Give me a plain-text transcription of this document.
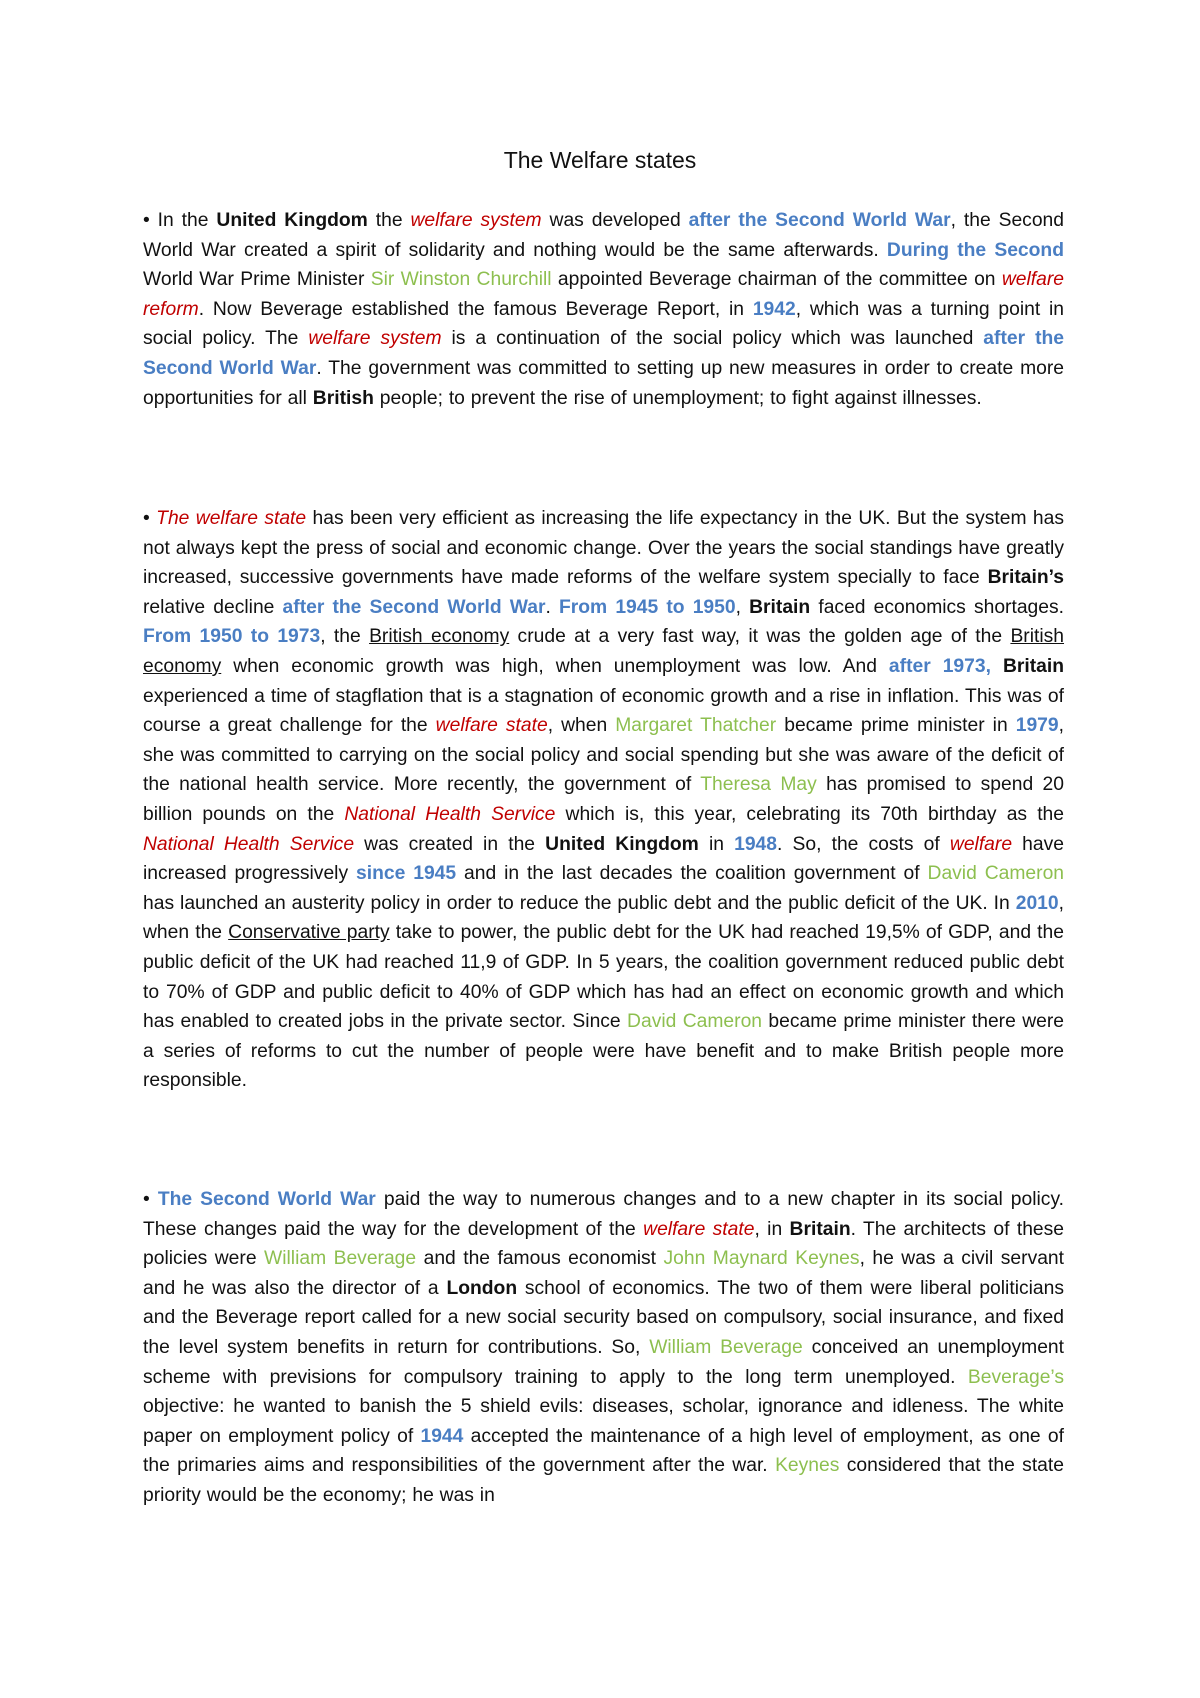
The Welfare states
• In the United Kingdom the welfare system was developed after the Second World War, the Second World War created a spirit of solidarity and nothing would be the same afterwards. During the Second World War Prime Minister Sir Winston Churchill appointed Beverage chairman of the committee on welfare reform. Now Beverage established the famous Beverage Report, in 1942, which was a turning point in social policy. The welfare system is a continuation of the social policy which was launched after the Second World War. The government was committed to setting up new measures in order to create more opportunities for all British people; to prevent the rise of unemployment; to fight against illnesses.
• The welfare state has been very efficient as increasing the life expectancy in the UK. But the system has not always kept the press of social and economic change. Over the years the social standings have greatly increased, successive governments have made reforms of the welfare system specially to face Britain’s relative decline after the Second World War. From 1945 to 1950, Britain faced economics shortages. From 1950 to 1973, the British economy crude at a very fast way, it was the golden age of the British economy when economic growth was high, when unemployment was low. And after 1973, Britain experienced a time of stagflation that is a stagnation of economic growth and a rise in inflation. This was of course a great challenge for the welfare state, when Margaret Thatcher became prime minister in 1979, she was committed to carrying on the social policy and social spending but she was aware of the deficit of the national health service. More recently, the government of Theresa May has promised to spend 20 billion pounds on the National Health Service which is, this year, celebrating its 70th birthday as the National Health Service was created in the United Kingdom in 1948. So, the costs of welfare have increased progressively since 1945 and in the last decades the coalition government of David Cameron has launched an austerity policy in order to reduce the public debt and the public deficit of the UK. In 2010, when the Conservative party take to power, the public debt for the UK had reached 19,5% of GDP, and the public deficit of the UK had reached 11,9 of GDP. In 5 years, the coalition government reduced public debt to 70% of GDP and public deficit to 40% of GDP which has had an effect on economic growth and which has enabled to created jobs in the private sector. Since David Cameron became prime minister there were a series of reforms to cut the number of people were have benefit and to make British people more responsible.
• The Second World War paid the way to numerous changes and to a new chapter in its social policy. These changes paid the way for the development of the welfare state, in Britain. The architects of these policies were William Beverage and the famous economist John Maynard Keynes, he was a civil servant and he was also the director of a London school of economics. The two of them were liberal politicians and the Beverage report called for a new social security based on compulsory, social insurance, and fixed the level system benefits in return for contributions. So, William Beverage conceived an unemployment scheme with previsions for compulsory training to apply to the long term unemployed. Beverage’s objective: he wanted to banish the 5 shield evils: diseases, scholar, ignorance and idleness. The white paper on employment policy of 1944 accepted the maintenance of a high level of employment, as one of the primaries aims and responsibilities of the government after the war. Keynes considered that the state priority would be the economy; he was in
